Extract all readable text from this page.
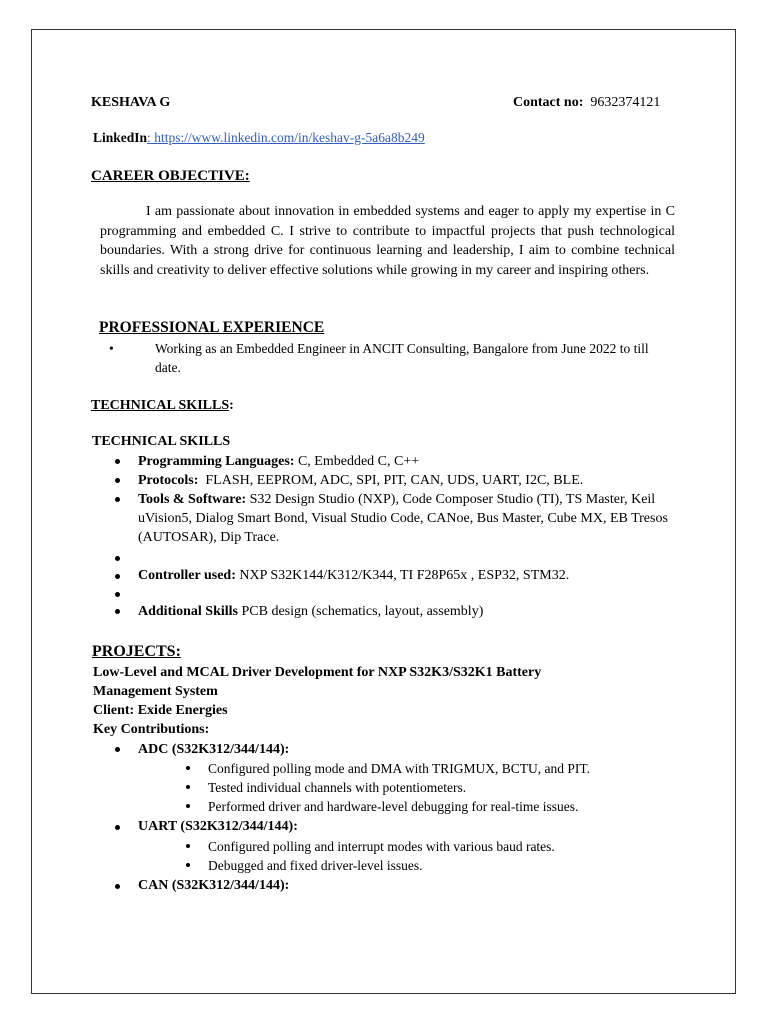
KESHAVA G	Contact no: 9632374121
LinkedIn: https://www.linkedin.com/in/keshav-g-5a6a8b249
CAREER OBJECTIVE:
I am passionate about innovation in embedded systems and eager to apply my expertise in C programming and embedded C. I strive to contribute to impactful projects that push technological boundaries. With a strong drive for continuous learning and leadership, I aim to combine technical skills and creativity to deliver effective solutions while growing in my career and inspiring others.
PROFESSIONAL EXPERIENCE
•	Working as an Embedded Engineer in ANCIT Consulting, Bangalore from June 2022 to till date.
TECHNICAL SKILLS:
TECHNICAL SKILLS
Programming Languages: C, Embedded C, C++
Protocols:  FLASH, EEPROM, ADC, SPI, PIT, CAN, UDS, UART, I2C, BLE.
Tools & Software: S32 Design Studio (NXP), Code Composer Studio (TI), TS Master, Keil uVision5, Dialog Smart Bond, Visual Studio Code, CANoe, Bus Master, Cube MX, EB Tresos (AUTOSAR), Dip Trace.
Controller used: NXP S32K144/K312/K344, TI F28P65x , ESP32, STM32.
Additional Skills PCB design (schematics, layout, assembly)
PROJECTS:
Low-Level and MCAL Driver Development for NXP S32K3/S32K1 Battery
Management System
Client: Exide Energies
Key Contributions:
ADC (S32K312/344/144):
Configured polling mode and DMA with TRIGMUX, BCTU, and PIT.
Tested individual channels with potentiometers.
Performed driver and hardware-level debugging for real-time issues.
UART (S32K312/344/144):
Configured polling and interrupt modes with various baud rates.
Debugged and fixed driver-level issues.
CAN (S32K312/344/144):
